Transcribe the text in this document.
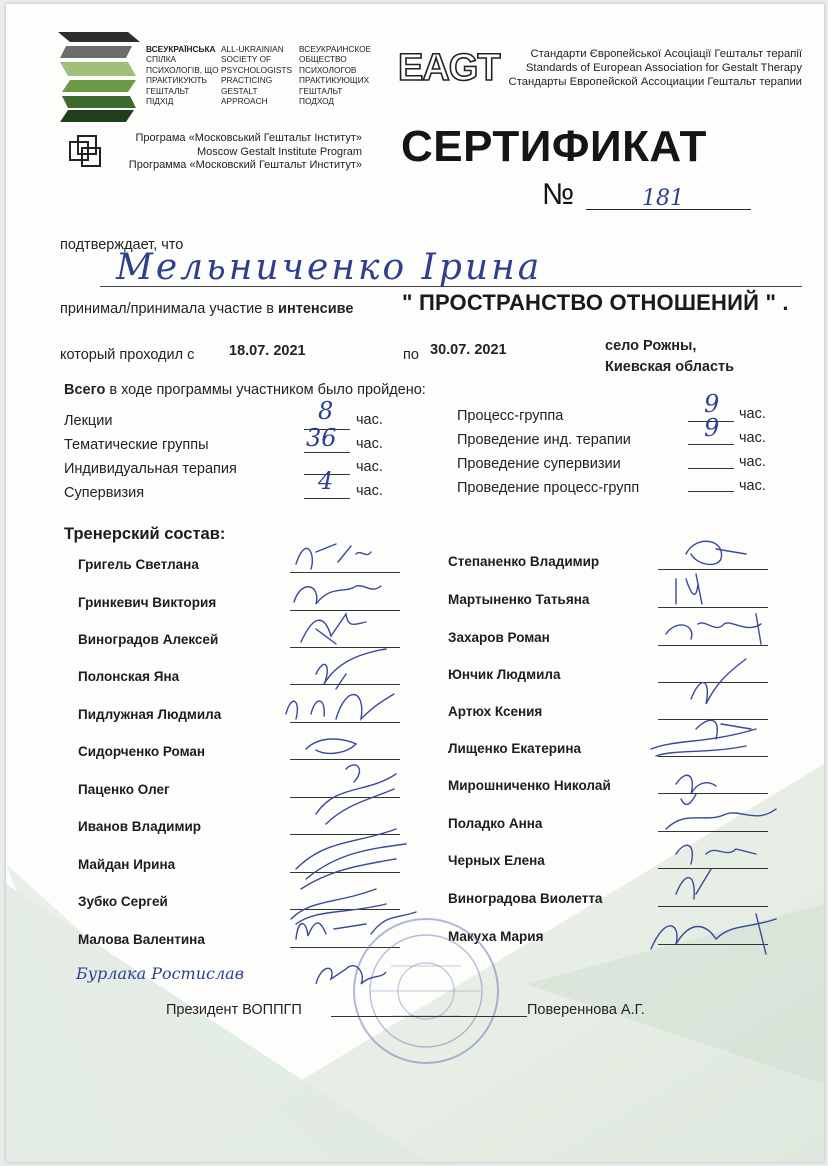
ВСЕУКРАЇНСЬКА
СПІЛКА
ПСИХОЛОГІВ, ЩО
ПРАКТИКУЮТЬ
ГЕШТАЛЬТ
ПІДХІД
ALL-UKRAINIAN
SOCIETY OF
PSYCHOLOGISTS
PRACTICING
GESTALT
APPROACH
ВСЕУКРАИНСКОЕ
ОБЩЕСТВО
ПСИХОЛОГОВ
ПРАКТИКУЮЩИХ
ГЕШТАЛЬТ
ПОДХОД
EAGT	Стандарти Європейської Асоціації Гештальт терапії
Standards of European Association for Gestalt Therapy
Стандарты Европейской Ассоциации Гештальт терапии
Програма «Московський Гештальт Інститут»
Moscow Gestalt Institute Program
Программа «Московский Гештальт Институт» СЕРТИФИКАТ
№	181
подтверждает, что
Мельниченко Ірина
принимал/принимала участие в интенсиве " ПРОСТРАНСТВО ОТНОШЕНИЙ " .
который проходил с 18.07. 2021	по 30.07. 2021	село Рожны,
Киевская область
Всего в ходе программы участником было пройдено:
Лекции	8 час.
Тематические группы	36 час.
Индивидуальная терапия	час.
Супервизия	4 час.
Процесс-группа	9 час.
Проведение инд. терапии	9 час.
Проведение супервизии	час.
Проведение процесс-групп	час.
Тренерский состав:
Григель Светлана
Гринкевич Виктория
Виноградов Алексей
Полонская Яна
Пидлужная Людмила
Сидорченко Роман
Паценко Олег
Иванов Владимир
Майдан Ирина
Зубко Сергей
Малова Валентина
Степаненко Владимир
Мартыненко Татьяна
Захаров Роман
Юнчик Людмила
Артюх Ксения
Лищенко Екатерина
Мирошниченко Николай
Поладко Анна
Черных Елена
Виноградова Виолетта
Макуха Мария
Бурлака Ростислав
Президент ВОППГП	Повереннова А.Г.
